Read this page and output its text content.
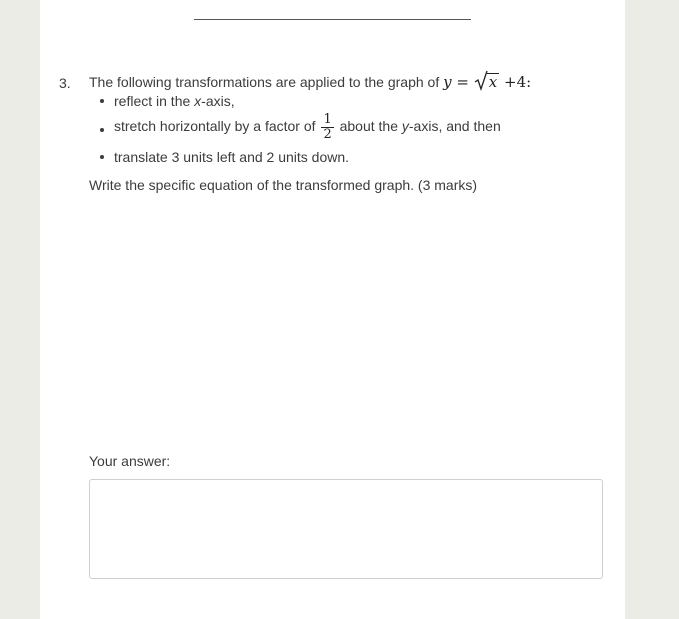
3. The following transformations are applied to the graph of y = x +4:
reflect in the x-axis,
stretch horizontally by a factor of $\frac{1}{2}$ about the y-axis, and then
translate 3 units left and 2 units down.
Write the specific equation of the transformed graph. (3 marks)
Your answer:
